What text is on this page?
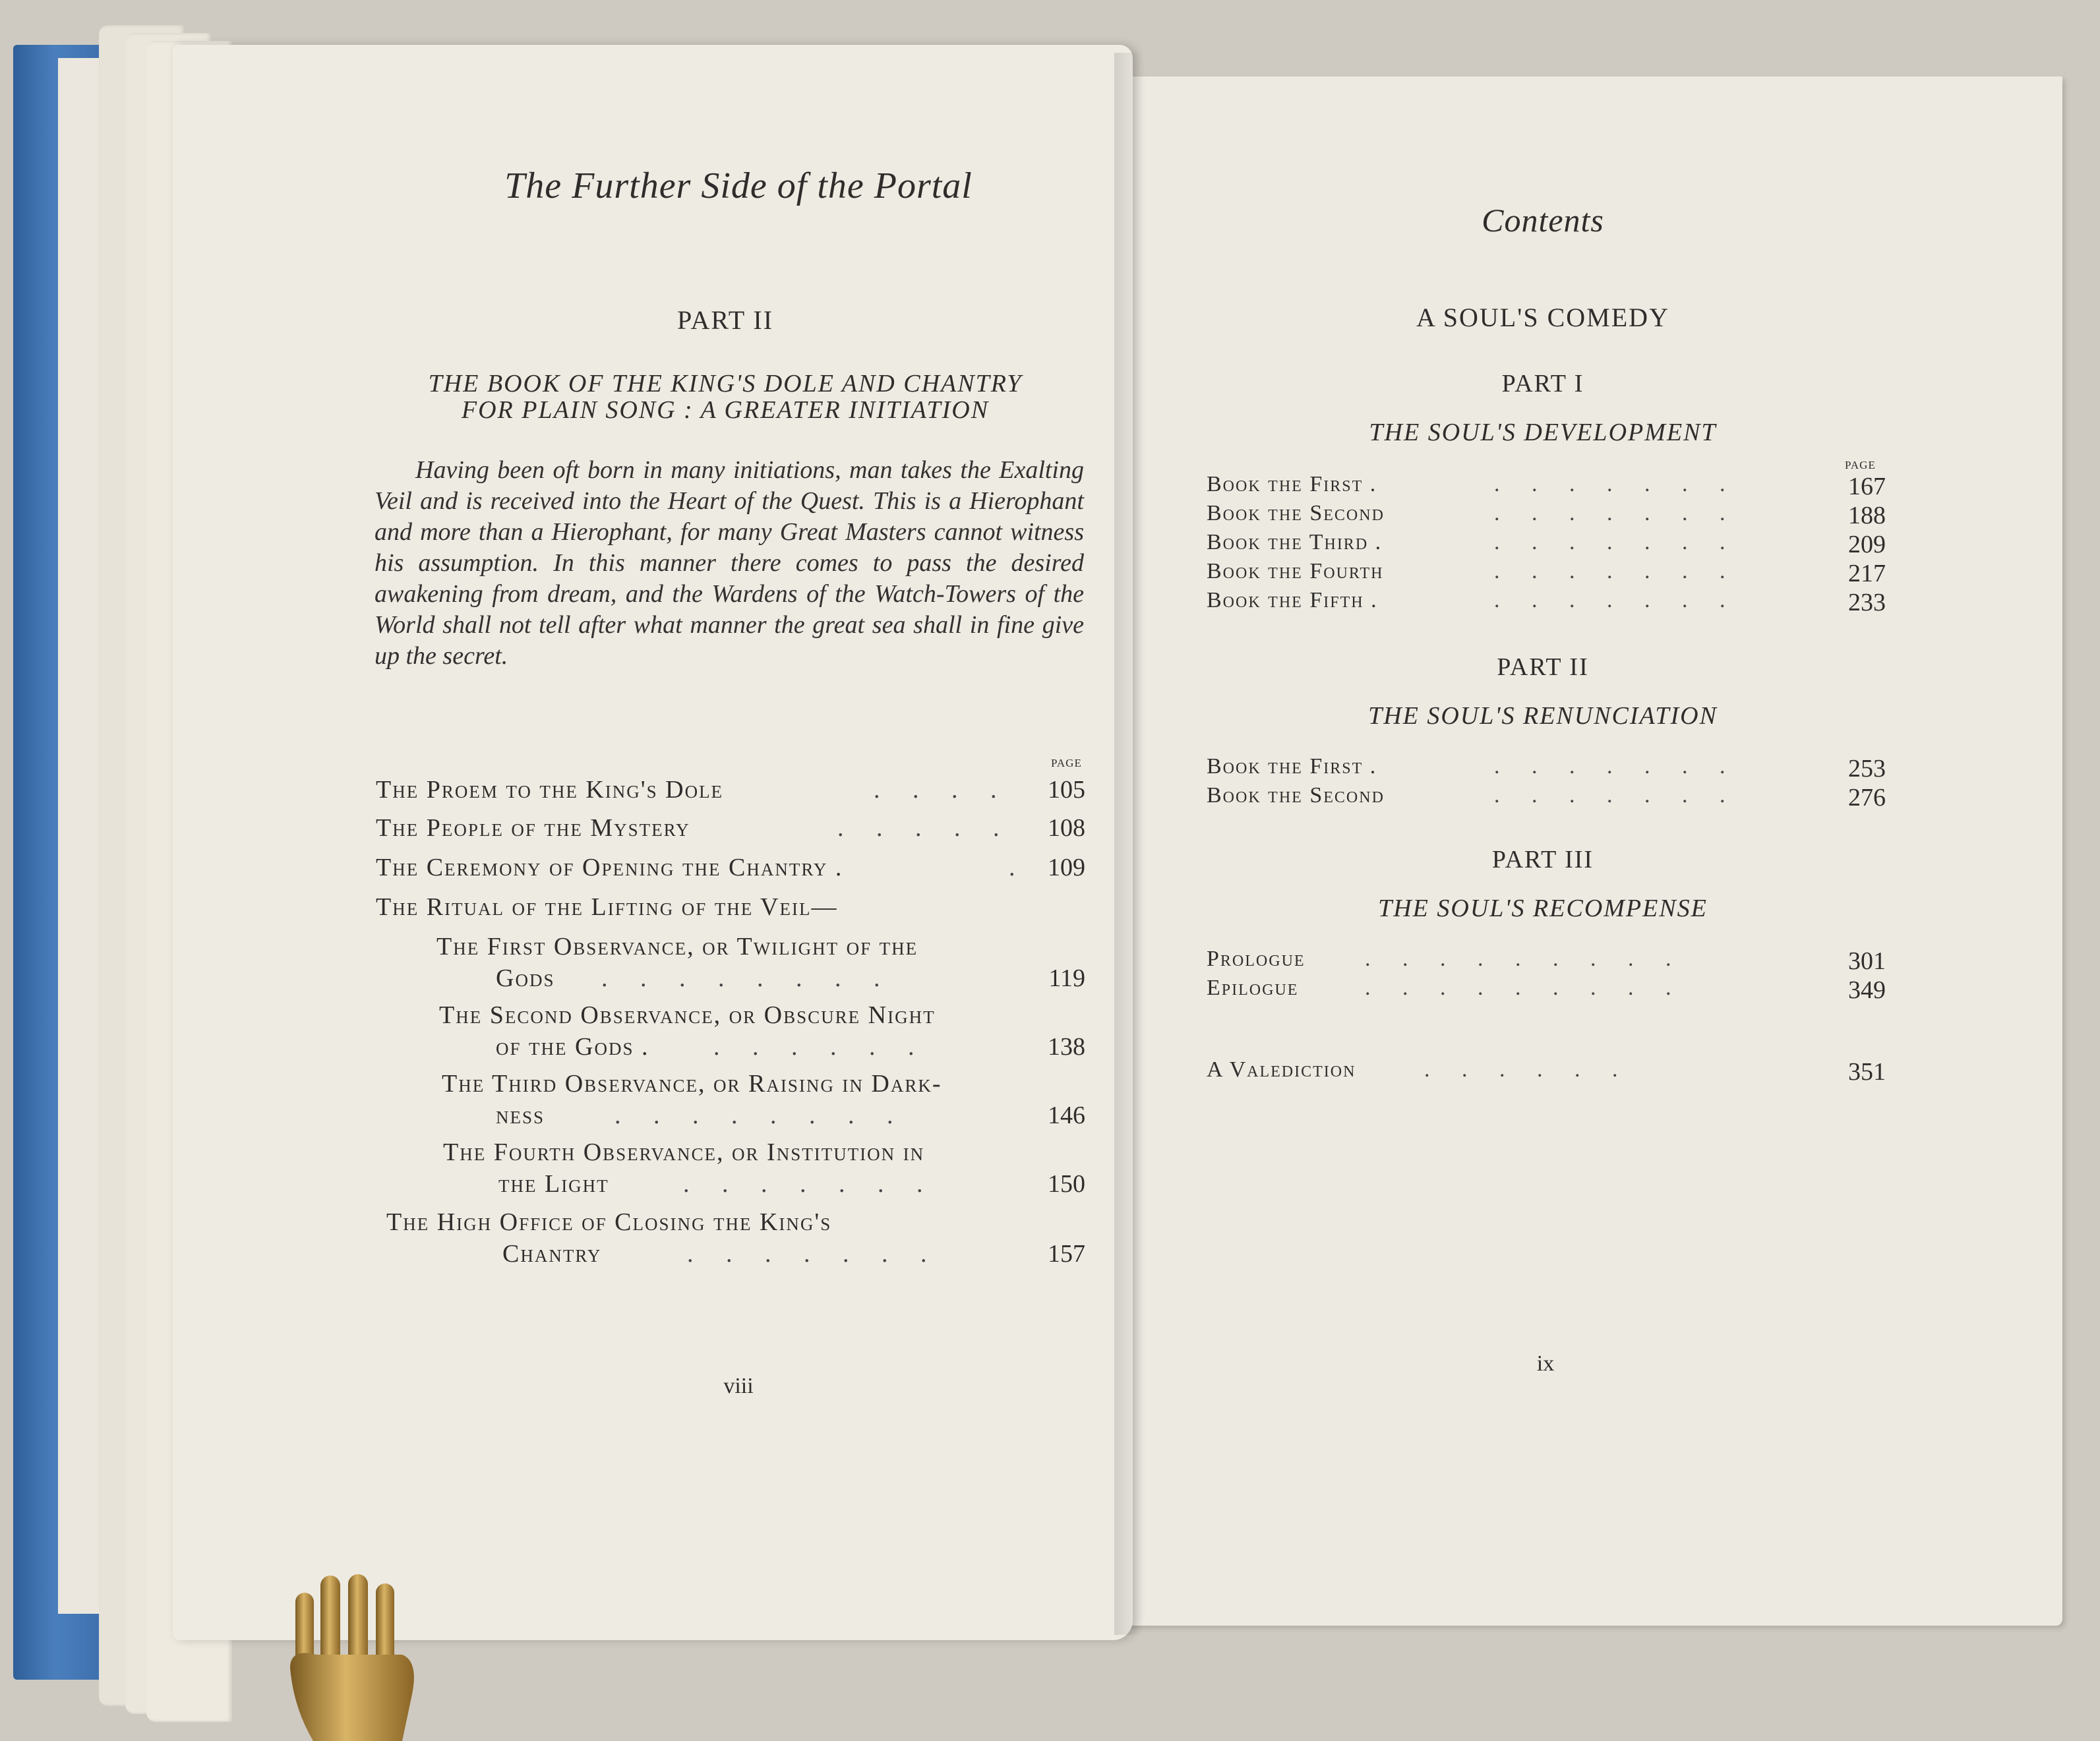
The Further Side of the Portal
PART II
THE BOOK OF THE KING'S DOLE AND CHANTRY
FOR PLAIN SONG : A GREATER INITIATION
Having been oft born in many initiations, man takes the Exalting Veil and is received into the Heart of the Quest. This is a Hierophant and more than a Hierophant, for many Great Masters cannot witness his assumption. In this manner there comes to pass the desired awakening from dream, and the Wardens of the Watch-Towers of the World shall not tell after what manner the great sea shall in fine give up the secret.
PAGE
The Proem to the King's Dole	. . . .	105
The People of the Mystery	. . . . .	108
The Ceremony of Opening the Chantry .	. 109
The Ritual of the Lifting of the Veil—
The First Observance, or Twilight of the
Gods . . . . . . . .	119
The Second Observance, or Obscure Night
of the Gods .	. . . . . .	138
The Third Observance, or Raising in Dark-
ness	. . . . . . . .	146
The Fourth Observance, or Institution in
the Light	. . . . . . .	150
The High Office of Closing the King's
Chantry	. . . . . . .	157
viii
Contents
A SOUL'S COMEDY
PART I
THE SOUL'S DEVELOPMENT
PAGE
Book the First .	. . . . . . .	167
Book the Second	. . . . . . .	188
Book the Third .	. . . . . . .	209
Book the Fourth	. . . . . . .	217
Book the Fifth .	. . . . . . .	233
PART II
THE SOUL'S RENUNCIATION
Book the First .	. . . . . . .	253
Book the Second	. . . . . . .	276
PART III
THE SOUL'S RECOMPENSE
Prologue	. . . . . . . . .	301
Epilogue	. . . . . . . . .	349
A Valediction	. . . . . .	351
ix
